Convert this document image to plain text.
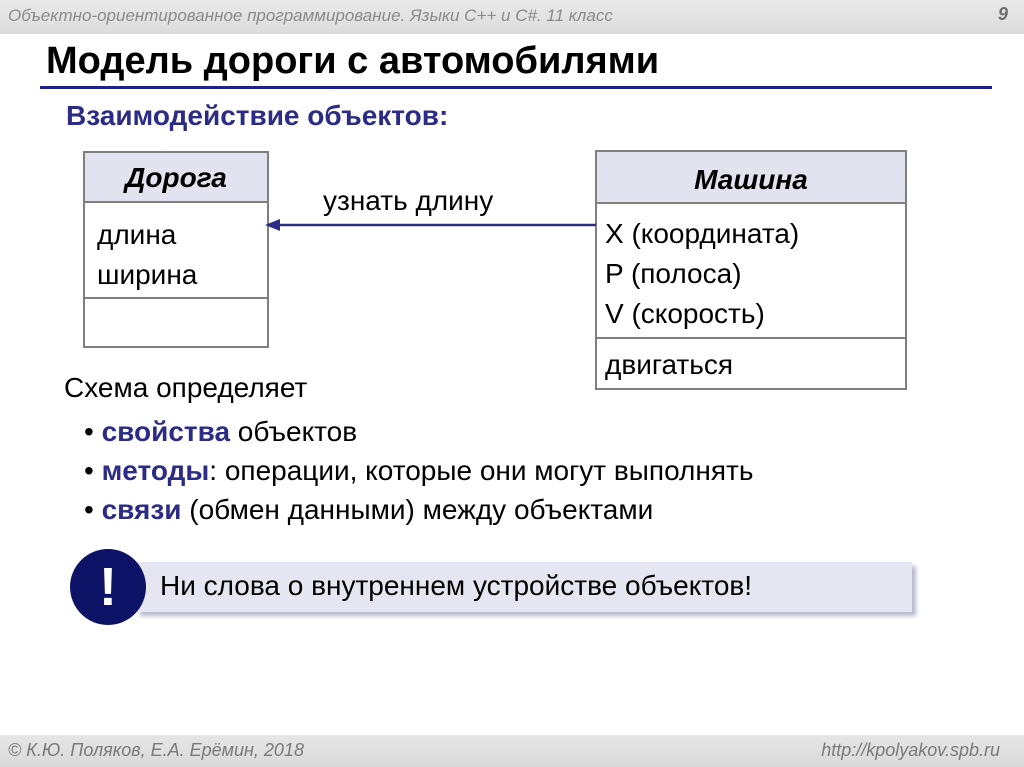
Объектно-ориентированное программирование. Языки C++ и C#. 11 класс	9
Модель дороги с автомобилями
Взаимодействие объектов:
Дорога
длина
ширина
Машина
X (координата)
P (полоса)
V (скорость)
двигаться
узнать длину
Схема определяет
• свойства объектов
• методы: операции, которые они могут выполнять
• связи (обмен данными) между объектами
Ни слова о внутреннем устройстве объектов!
!
© К.Ю. Поляков, Е.А. Ерёмин, 2018	http://kpolyakov.spb.ru
